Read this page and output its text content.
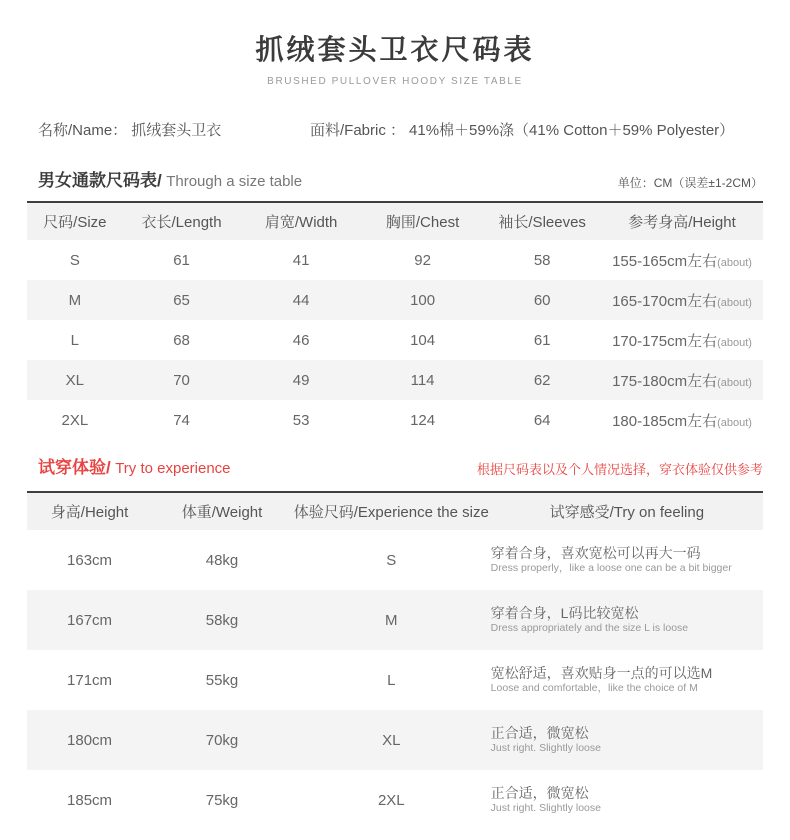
抓绒套头卫衣尺码表
BRUSHED PULLOVER HOODY SIZE TABLE
名称/Name： 抓绒套头卫衣	面料/Fabric ： 41%棉＋59%涤（41% Cotton＋59% Polyester）
男女通款尺码表/ Through a size table	单位：CM（误差±1-2CM）
尺码/Size	衣长/Length	肩宽/Width	胸围/Chest	袖长/Sleeves	参考身高/Height
S	61	41	92	58	155-165cm左右(about)
M	65	44	100	60	165-170cm左右(about)
L	68	46	104	61	170-175cm左右(about)
XL	70	49	114	62	175-180cm左右(about)
2XL	74	53	124	64	180-185cm左右(about)
试穿体验/ Try to experience	根据尺码表以及个人情况选择，穿衣体验仅供参考
身高/Height	体重/Weight	体验尺码/Experience the size	试穿感受/Try on feeling
163cm	48kg	S	穿着合身，喜欢宽松可以再大一码
Dress properly，like a loose one can be a bit bigger

167cm	58kg	M	穿着合身，L码比较宽松
Dress appropriately and the size L is loose

171cm	55kg	L	宽松舒适，喜欢贴身一点的可以选M
Loose and comfortable，like the choice of M

180cm	70kg	XL	正合适，微宽松
Just right. Slightly loose

185cm	75kg	2XL	正合适，微宽松
Just right. Slightly loose
